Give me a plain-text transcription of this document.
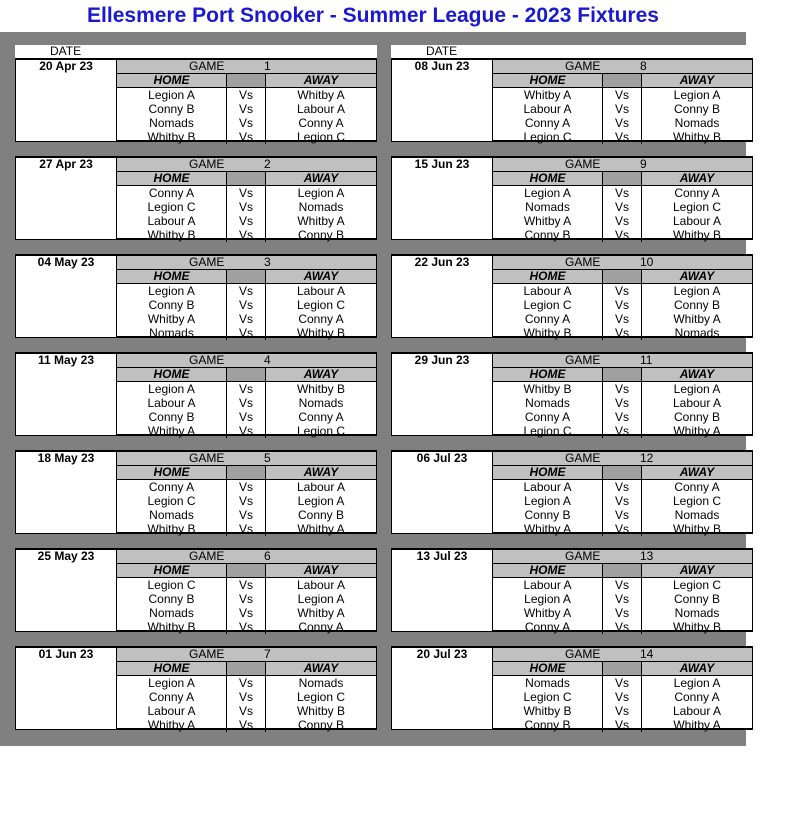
Ellesmere Port Snooker - Summer League - 2023 Fixtures
DATE
20 Apr 23	GAME	1
HOME	AWAY
Legion A	Vs	Whitby A
Conny B	Vs	Labour A
Nomads	Vs	Conny A
Whitby B	Vs	Legion C
27 Apr 23	GAME	2
HOME	AWAY
Conny A	Vs	Legion A
Legion C	Vs	Nomads
Labour A	Vs	Whitby A
Whitby B	Vs	Conny B
04 May 23	GAME	3
HOME	AWAY
Legion A	Vs	Labour A
Conny B	Vs	Legion C
Whitby A	Vs	Conny A
Nomads	Vs	Whitby B
11 May 23	GAME	4
HOME	AWAY
Legion A	Vs	Whitby B
Labour A	Vs	Nomads
Conny B	Vs	Conny A
Whitby A	Vs	Legion C
18 May 23	GAME	5
HOME	AWAY
Conny A	Vs	Labour A
Legion C	Vs	Legion A
Nomads	Vs	Conny B
Whitby B	Vs	Whitby A
25 May 23	GAME	6
HOME	AWAY
Legion C	Vs	Labour A
Conny B	Vs	Legion A
Nomads	Vs	Whitby A
Whitby B	Vs	Conny A
01 Jun 23	GAME	7
HOME	AWAY
Legion A	Vs	Nomads
Conny A	Vs	Legion C
Labour A	Vs	Whitby B
Whitby A	Vs	Conny B
DATE
08 Jun 23	GAME	8
HOME	AWAY
Whitby A	Vs	Legion A
Labour A	Vs	Conny B
Conny A	Vs	Nomads
Legion C	Vs	Whitby B
15 Jun 23	GAME	9
HOME	AWAY
Legion A	Vs	Conny A
Nomads	Vs	Legion C
Whitby A	Vs	Labour A
Conny B	Vs	Whitby B
22 Jun 23	GAME	10
HOME	AWAY
Labour A	Vs	Legion A
Legion C	Vs	Conny B
Conny A	Vs	Whitby A
Whitby B	Vs	Nomads
29 Jun 23	GAME	11
HOME	AWAY
Whitby B	Vs	Legion A
Nomads	Vs	Labour A
Conny A	Vs	Conny B
Legion C	Vs	Whitby A
06 Jul 23	GAME	12
HOME	AWAY
Labour A	Vs	Conny A
Legion A	Vs	Legion C
Conny B	Vs	Nomads
Whitby A	Vs	Whitby B
13 Jul 23	GAME	13
HOME	AWAY
Labour A	Vs	Legion C
Legion A	Vs	Conny B
Whitby A	Vs	Nomads
Conny A	Vs	Whitby B
20 Jul 23	GAME	14
HOME	AWAY
Nomads	Vs	Legion A
Legion C	Vs	Conny A
Whitby B	Vs	Labour A
Conny B	Vs	Whitby A
